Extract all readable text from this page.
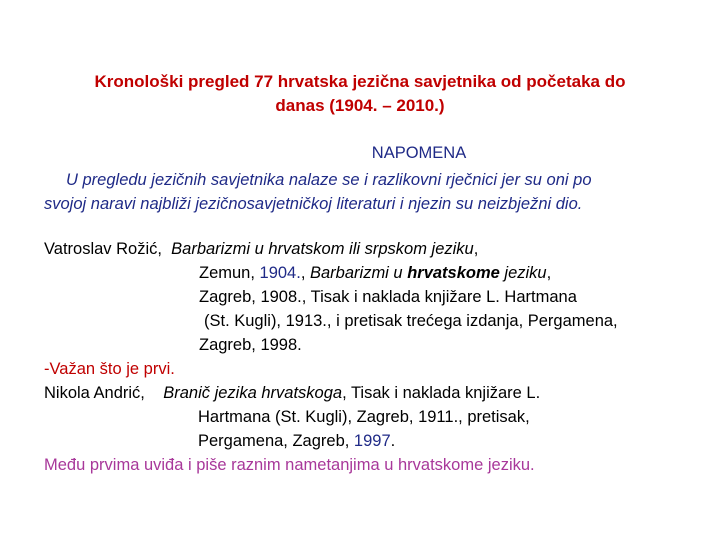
Kronološki pregled 77 hrvatska jezična savjetnika od početaka do
danas (1904. – 2010.)
NAPOMENA
U pregledu jezičnih savjetnika nalaze se i razlikovni rječnici jer su oni po
svojoj naravi najbliži jezičnosavjetničkoj literaturi i njezin su neizbježni dio.
Vatroslav Rožić, Barbarizmi u hrvatskom ili srpskom jeziku,
Zemun, 1904., Barbarizmi u hrvatskome jeziku,
Zagreb, 1908., Tisak i naklada knjižare L. Hartmana
(St. Kugli), 1913., i pretisak trećega izdanja, Pergamena,
Zagreb, 1998.
-Važan što je prvi.
Nikola Andrić, Branič jezika hrvatskoga, Tisak i naklada knjižare L.
Hartmana (St. Kugli), Zagreb, 1911., pretisak,
Pergamena, Zagreb, 1997.
Među prvima uviđa i piše raznim nametanjima u hrvatskome jeziku.
